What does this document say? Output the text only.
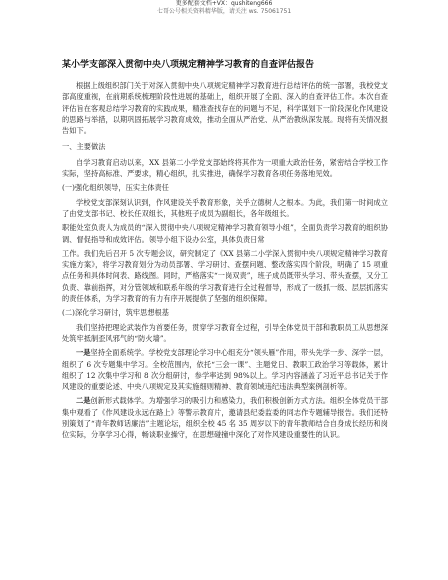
更多配套文档+VX：qushiteng666
七哥公号相关资料精华版，请关注 ws. 75061751
某小学支部深入贯彻中央八项规定精神学习教育的自查评估报告

根据上级组织部门关于对深入贯彻中央八项规定精神学习教育进行总结评估的统一部署，我校党支部高度重视，在前期系统梳理阶段性进展的基础上，组织开展了全面、深入的自查评估工作。本次自查评估旨在客观总结学习教育的实践成果，精准查找存在的问题与不足，科学谋划下一阶段深化作风建设的思路与举措，以期巩固拓展学习教育成效，推动全面从严治党、从严治教纵深发展。现将有关情况报告如下。

一、主要做法

自学习教育启动以来，XX 县第二小学党支部始终将其作为一项重大政治任务，紧密结合学校工作实际，坚持高标准、严要求，精心组织，扎实推进，确保学习教育各项任务落地见效。

(一)强化组织领导，压实主体责任

学校党支部深刻认识到，作风建设关乎教育形象，关乎立德树人之根本。为此，我们第一时间成立了由党支部书记、校长任双组长，其他班子成员为副组长，各年级组长。

职能处室负责人为成员的“深入贯彻中央八项规定精神学习教育领导小组”，全面负责学习教育的组织协调、督促指导和成效评估。领导小组下设办公室，具体负责日常

工作。我们先后召开 5 次专题会议，研究制定了《XX 县第二小学深入贯彻中央八项规定精神学习教育实施方案》，将学习教育划分为动员部署、学习研讨、查摆问题、整改落实四个阶段，明确了 15 项重点任务和具体时间表、路线图。同时，严格落实“一岗双责”，班子成员既带头学习、带头查摆，又分工负责、靠前指挥，对分管领域和联系年级的学习教育进行全过程督导，形成了一级抓一级、层层抓落实的责任体系，为学习教育的有力有序开展提供了坚强的组织保障。

(二)深化学习研讨，筑牢思想根基

我们坚持把理论武装作为首要任务，贯穿学习教育全过程，引导全体党员干部和教职员工从思想深处筑牢抵制歪风邪气的“防火墙”。

一是坚持全面系统学。学校党支部理论学习中心组充分“领头雁”作用，带头先学一步、深学一层，组织了 6 次专题集中学习。全校范围内，依托“三会一课”、主题党日、教职工政治学习等载体，累计组织了 12 次集中学习和 8 次分组研讨，参学率达到 98%以上。学习内容涵盖了习近平总书记关于作风建设的重要论述、中央八项规定及其实施细则精神、教育领域违纪违法典型案例剖析等。

二是创新形式载体学。为增强学习的吸引力和感染力，我们积极创新方式方法。组织全体党员干部集中观看了《作风建设永远在路上》等警示教育片，邀请县纪委监委的同志作专题辅导报告。我们还特别策划了“青年教师话廉洁”主题论坛，组织全校 45 名 35 周岁以下的青年教师结合自身成长经历和岗位实际，分享学习心得，畅谈职业操守，在思想碰撞中深化了对作风建设重要性的认识。
